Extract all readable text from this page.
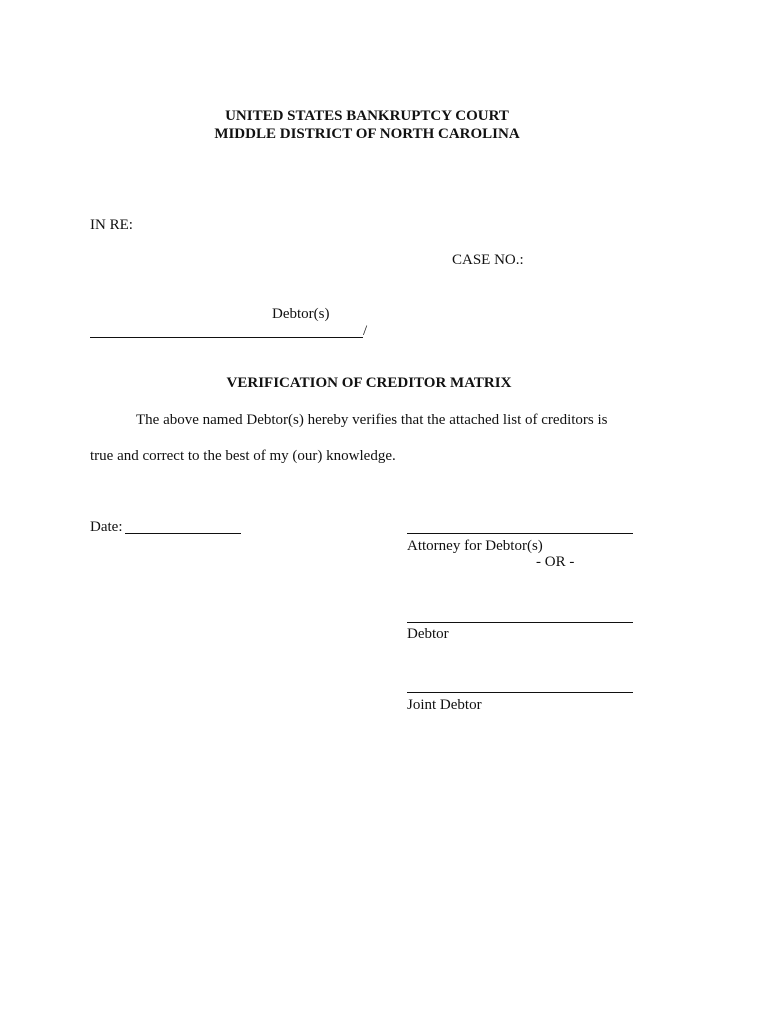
UNITED STATES BANKRUPTCY COURT
MIDDLE DISTRICT OF NORTH CAROLINA
IN RE:
CASE NO.:
Debtor(s)
/
VERIFICATION OF CREDITOR MATRIX
The above named Debtor(s) hereby verifies that the attached list of creditors is
true and correct to the best of my (our) knowledge.
Date:
Attorney for Debtor(s)
- OR -
Debtor
Joint Debtor
